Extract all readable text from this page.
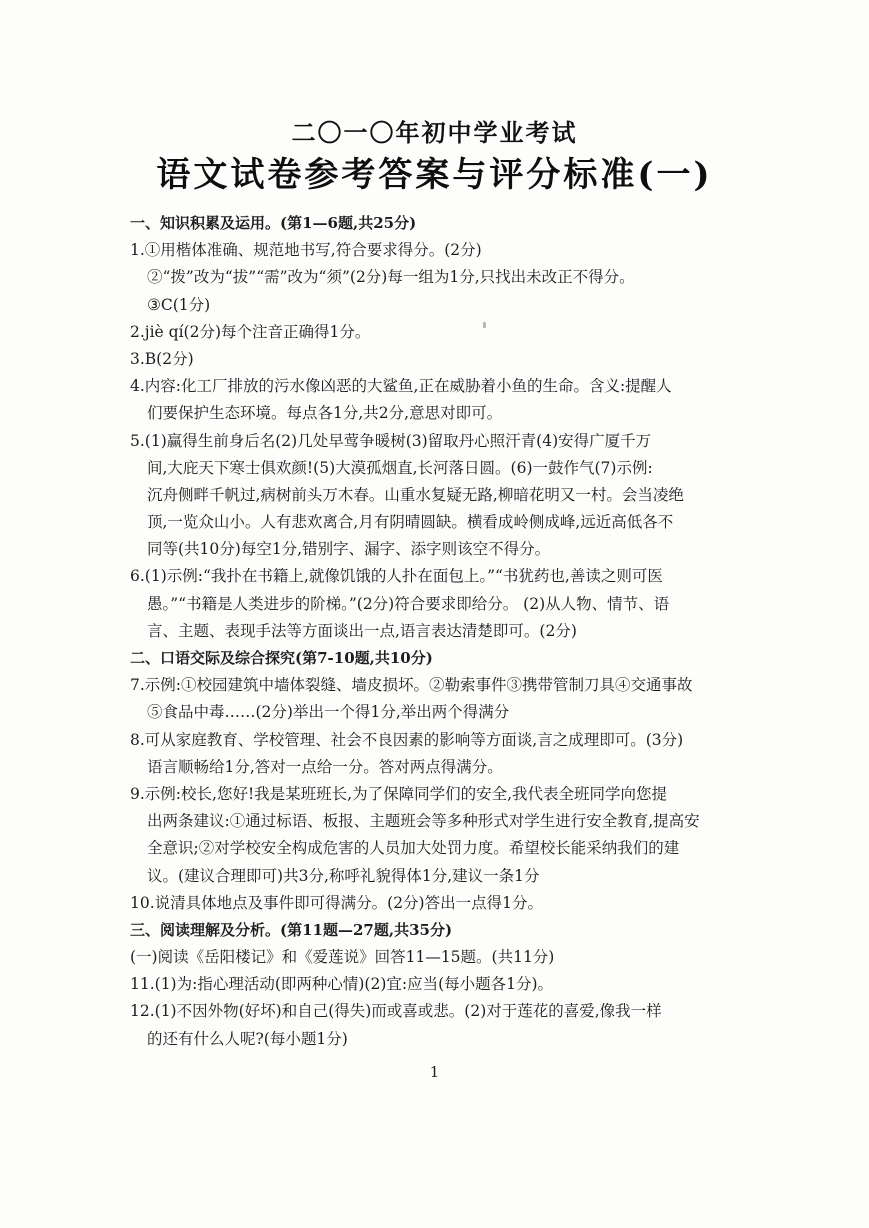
二〇一〇年初中学业考试
语文试卷参考答案与评分标准(一)
一、知识积累及运用。(第1—6题,共25分)
1.①用楷体准确、规范地书写,符合要求得分。(2分)
②“拨”改为“拔”“需”改为“须”(2分)每一组为1分,只找出未改正不得分。
③C(1分)
2.jiè qí(2分)每个注音正确得1分。
3.B(2分)
4.内容:化工厂排放的污水像凶恶的大鲨鱼,正在威胁着小鱼的生命。含义:提醒人
们要保护生态环境。每点各1分,共2分,意思对即可。
5.(1)赢得生前身后名(2)几处早莺争暖树(3)留取丹心照汗青(4)安得广厦千万
间,大庇天下寒士俱欢颜!(5)大漠孤烟直,长河落日圆。(6)一鼓作气(7)示例:
沉舟侧畔千帆过,病树前头万木春。山重水复疑无路,柳暗花明又一村。会当凌绝
顶,一览众山小。人有悲欢离合,月有阴晴圆缺。横看成岭侧成峰,远近高低各不
同等(共10分)每空1分,错别字、漏字、添字则该空不得分。
6.(1)示例:“我扑在书籍上,就像饥饿的人扑在面包上。”“书犹药也,善读之则可医
愚。”“书籍是人类进步的阶梯。”(2分)符合要求即给分。 (2)从人物、情节、语
言、主题、表现手法等方面谈出一点,语言表达清楚即可。(2分)
二、口语交际及综合探究(第7-10题,共10分)
7.示例:①校园建筑中墙体裂缝、墙皮损坏。②勒索事件③携带管制刀具④交通事故
⑤食品中毒……(2分)举出一个得1分,举出两个得满分
8.可从家庭教育、学校管理、社会不良因素的影响等方面谈,言之成理即可。(3分)
语言顺畅给1分,答对一点给一分。答对两点得满分。
9.示例:校长,您好!我是某班班长,为了保障同学们的安全,我代表全班同学向您提
出两条建议:①通过标语、板报、主题班会等多种形式对学生进行安全教育,提高安
全意识;②对学校安全构成危害的人员加大处罚力度。希望校长能采纳我们的建
议。(建议合理即可)共3分,称呼礼貌得体1分,建议一条1分
10.说清具体地点及事件即可得满分。(2分)答出一点得1分。
三、阅读理解及分析。(第11题—27题,共35分)
(一)阅读《岳阳楼记》和《爱莲说》回答11—15题。(共11分)
11.(1)为:指心理活动(即两种心情)(2)宜:应当(每小题各1分)。
12.(1)不因外物(好坏)和自己(得失)而或喜或悲。(2)对于莲花的喜爱,像我一样
的还有什么人呢?(每小题1分)
1
